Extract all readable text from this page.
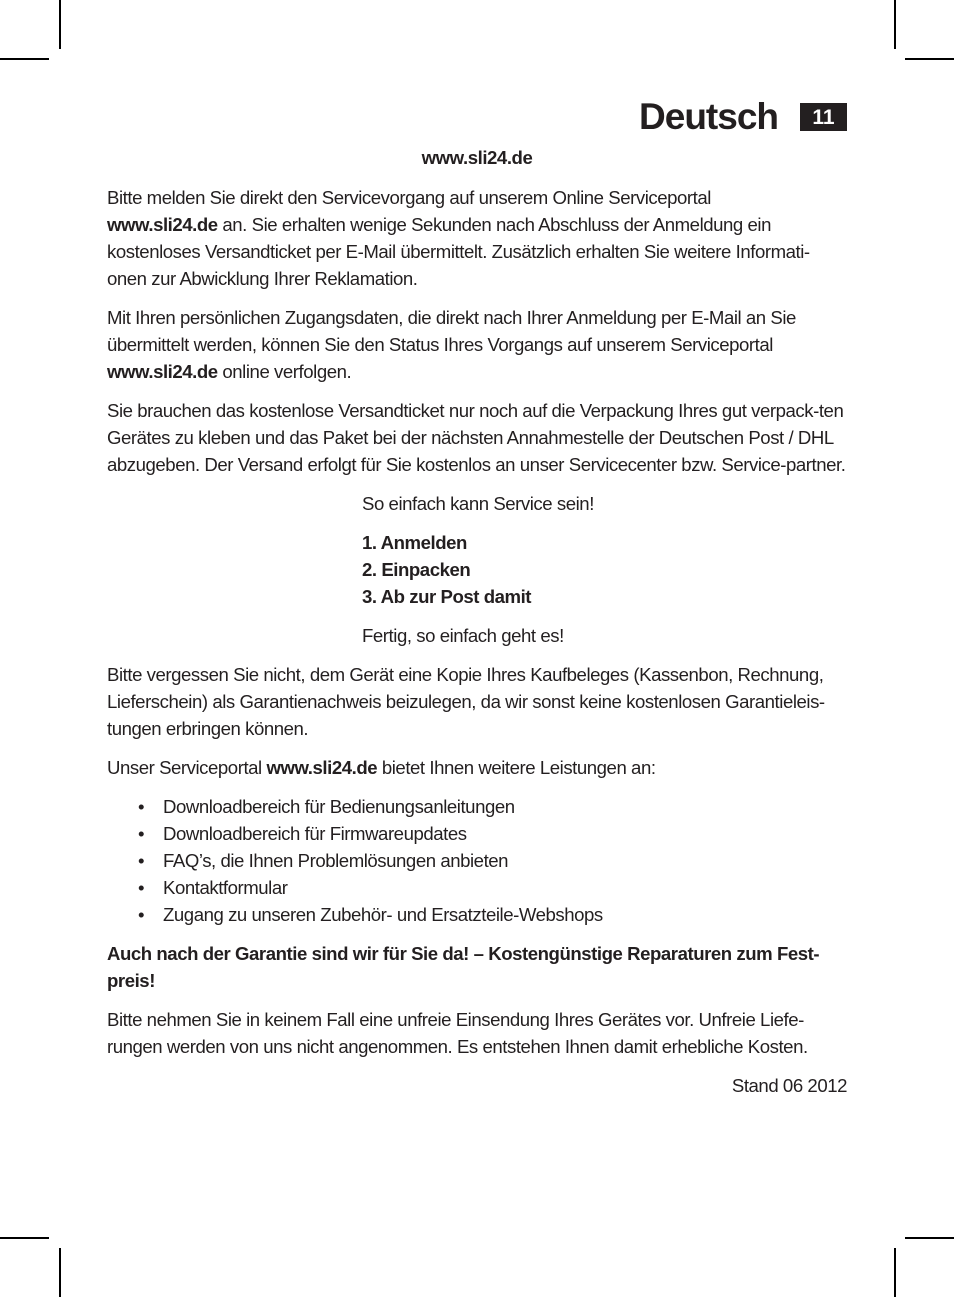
Deutsch	11

www.sli24.de

Bitte melden Sie direkt den Servicevorgang auf unserem Online Serviceportal
www.sli24.de an. Sie erhalten wenige Sekunden nach Abschluss der Anmeldung ein kostenloses Versandticket per E-Mail übermittelt. Zusätzlich erhalten Sie weitere Informati-onen zur Abwicklung Ihrer Reklamation.

Mit Ihren persönlichen Zugangsdaten, die direkt nach Ihrer Anmeldung per E-Mail an Sie übermittelt werden, können Sie den Status Ihres Vorgangs auf unserem Serviceportal
www.sli24.de online verfolgen.

Sie brauchen das kostenlose Versandticket nur noch auf die Verpackung Ihres gut verpack-ten Gerätes zu kleben und das Paket bei der nächsten Annahmestelle der Deutschen Post / DHL abzugeben. Der Versand erfolgt für Sie kostenlos an unser Servicecenter bzw. Service-partner.

So einfach kann Service sein!

1. Anmelden
2. Einpacken
3. Ab zur Post damit

Fertig, so einfach geht es!

Bitte vergessen Sie nicht, dem Gerät eine Kopie Ihres Kaufbeleges (Kassenbon, Rechnung, Lieferschein) als Garantienachweis beizulegen, da wir sonst keine kostenlosen Garantieleis-tungen erbringen können.

Unser Serviceportal www.sli24.de bietet Ihnen weitere Leistungen an:

• Downloadbereich für Bedienungsanleitungen
• Downloadbereich für Firmwareupdates
• FAQ’s, die Ihnen Problemlösungen anbieten
• Kontaktformular
• Zugang zu unseren Zubehör- und Ersatzteile-Webshops

Auch nach der Garantie sind wir für Sie da! – Kostengünstige Reparaturen zum Fest-preis!

Bitte nehmen Sie in keinem Fall eine unfreie Einsendung Ihres Gerätes vor. Unfreie Liefe-rungen werden von uns nicht angenommen. Es entstehen Ihnen damit erhebliche Kosten.

Stand 06 2012
